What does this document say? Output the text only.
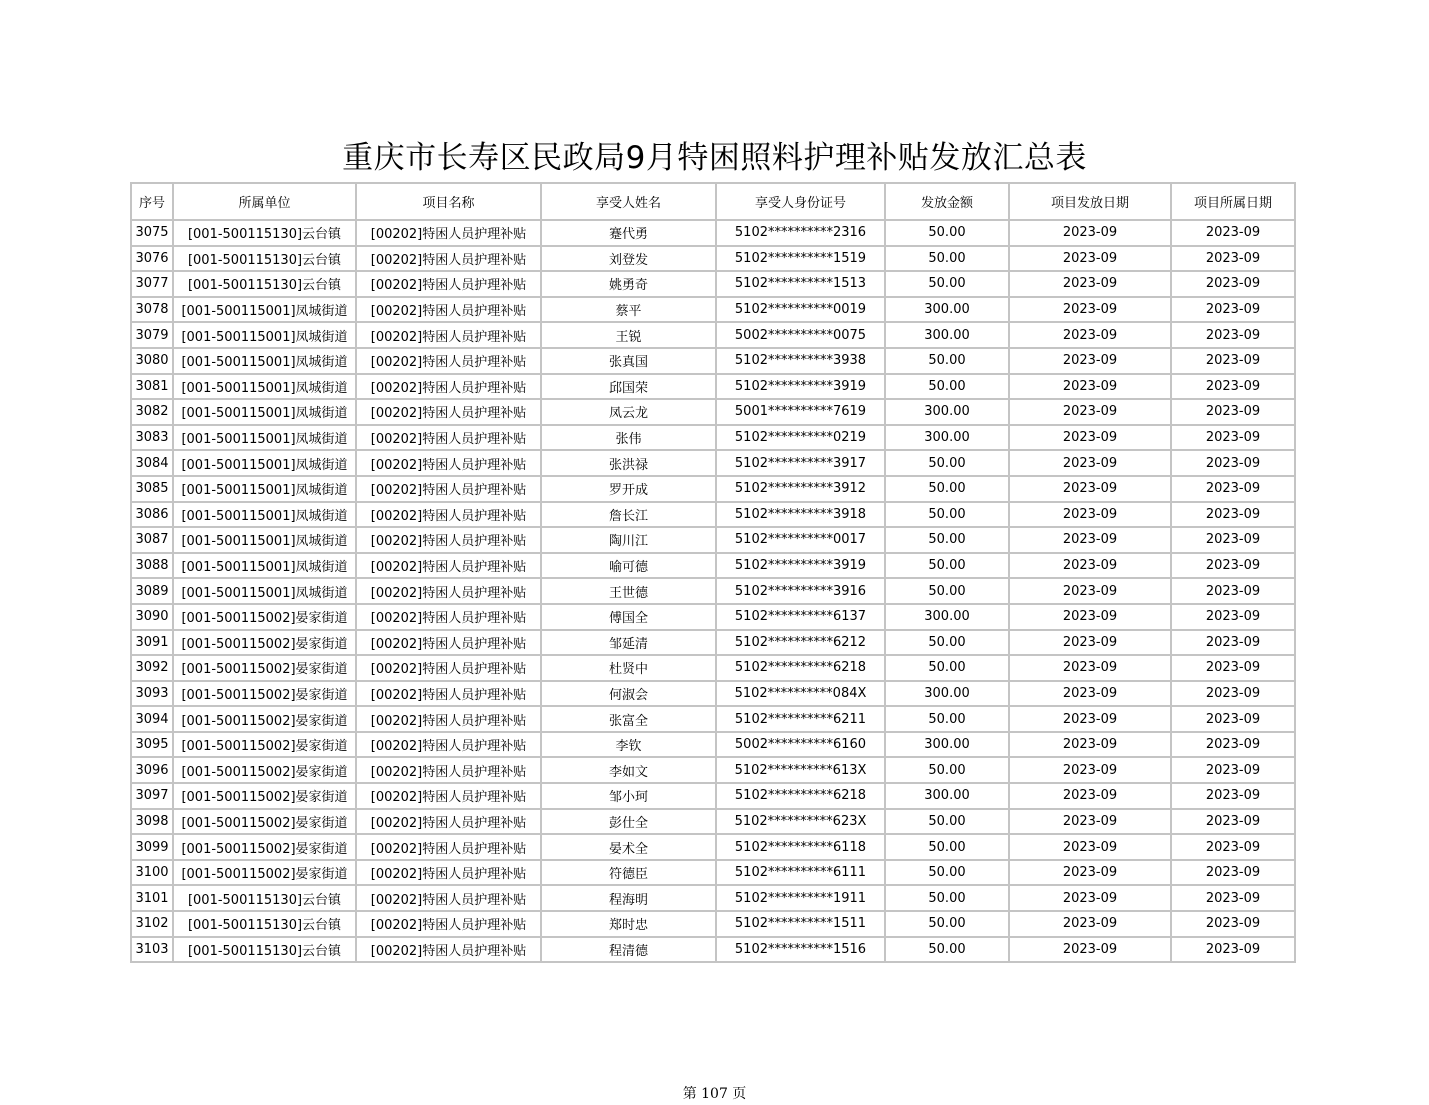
重庆市长寿区民政局9月特困照料护理补贴发放汇总表
序号	所属单位	项目名称	享受人姓名	享受人身份证号	发放金额	项目发放日期	项目所属日期
3075	[001-500115130]云台镇	[00202]特困人员护理补贴	蹇代勇	5102**********2316	50.00	2023-09	2023-09
3076	[001-500115130]云台镇	[00202]特困人员护理补贴	刘登发	5102**********1519	50.00	2023-09	2023-09
3077	[001-500115130]云台镇	[00202]特困人员护理补贴	姚勇奇	5102**********1513	50.00	2023-09	2023-09
3078	[001-500115001]凤城街道	[00202]特困人员护理补贴	蔡平	5102**********0019	300.00	2023-09	2023-09
3079	[001-500115001]凤城街道	[00202]特困人员护理补贴	王锐	5002**********0075	300.00	2023-09	2023-09
3080	[001-500115001]凤城街道	[00202]特困人员护理补贴	张真国	5102**********3938	50.00	2023-09	2023-09
3081	[001-500115001]凤城街道	[00202]特困人员护理补贴	邱国荣	5102**********3919	50.00	2023-09	2023-09
3082	[001-500115001]凤城街道	[00202]特困人员护理补贴	凤云龙	5001**********7619	300.00	2023-09	2023-09
3083	[001-500115001]凤城街道	[00202]特困人员护理补贴	张伟	5102**********0219	300.00	2023-09	2023-09
3084	[001-500115001]凤城街道	[00202]特困人员护理补贴	张洪禄	5102**********3917	50.00	2023-09	2023-09
3085	[001-500115001]凤城街道	[00202]特困人员护理补贴	罗开成	5102**********3912	50.00	2023-09	2023-09
3086	[001-500115001]凤城街道	[00202]特困人员护理补贴	詹长江	5102**********3918	50.00	2023-09	2023-09
3087	[001-500115001]凤城街道	[00202]特困人员护理补贴	陶川江	5102**********0017	50.00	2023-09	2023-09
3088	[001-500115001]凤城街道	[00202]特困人员护理补贴	喻可德	5102**********3919	50.00	2023-09	2023-09
3089	[001-500115001]凤城街道	[00202]特困人员护理补贴	王世德	5102**********3916	50.00	2023-09	2023-09
3090	[001-500115002]晏家街道	[00202]特困人员护理补贴	傅国全	5102**********6137	300.00	2023-09	2023-09
3091	[001-500115002]晏家街道	[00202]特困人员护理补贴	邹延清	5102**********6212	50.00	2023-09	2023-09
3092	[001-500115002]晏家街道	[00202]特困人员护理补贴	杜贤中	5102**********6218	50.00	2023-09	2023-09
3093	[001-500115002]晏家街道	[00202]特困人员护理补贴	何淑会	5102**********084X	300.00	2023-09	2023-09
3094	[001-500115002]晏家街道	[00202]特困人员护理补贴	张富全	5102**********6211	50.00	2023-09	2023-09
3095	[001-500115002]晏家街道	[00202]特困人员护理补贴	李钦	5002**********6160	300.00	2023-09	2023-09
3096	[001-500115002]晏家街道	[00202]特困人员护理补贴	李如文	5102**********613X	50.00	2023-09	2023-09
3097	[001-500115002]晏家街道	[00202]特困人员护理补贴	邹小珂	5102**********6218	300.00	2023-09	2023-09
3098	[001-500115002]晏家街道	[00202]特困人员护理补贴	彭仕全	5102**********623X	50.00	2023-09	2023-09
3099	[001-500115002]晏家街道	[00202]特困人员护理补贴	晏术全	5102**********6118	50.00	2023-09	2023-09
3100	[001-500115002]晏家街道	[00202]特困人员护理补贴	符德臣	5102**********6111	50.00	2023-09	2023-09
3101	[001-500115130]云台镇	[00202]特困人员护理补贴	程海明	5102**********1911	50.00	2023-09	2023-09
3102	[001-500115130]云台镇	[00202]特困人员护理补贴	郑时忠	5102**********1511	50.00	2023-09	2023-09
3103	[001-500115130]云台镇	[00202]特困人员护理补贴	程清德	5102**********1516	50.00	2023-09	2023-09
第 107 页
